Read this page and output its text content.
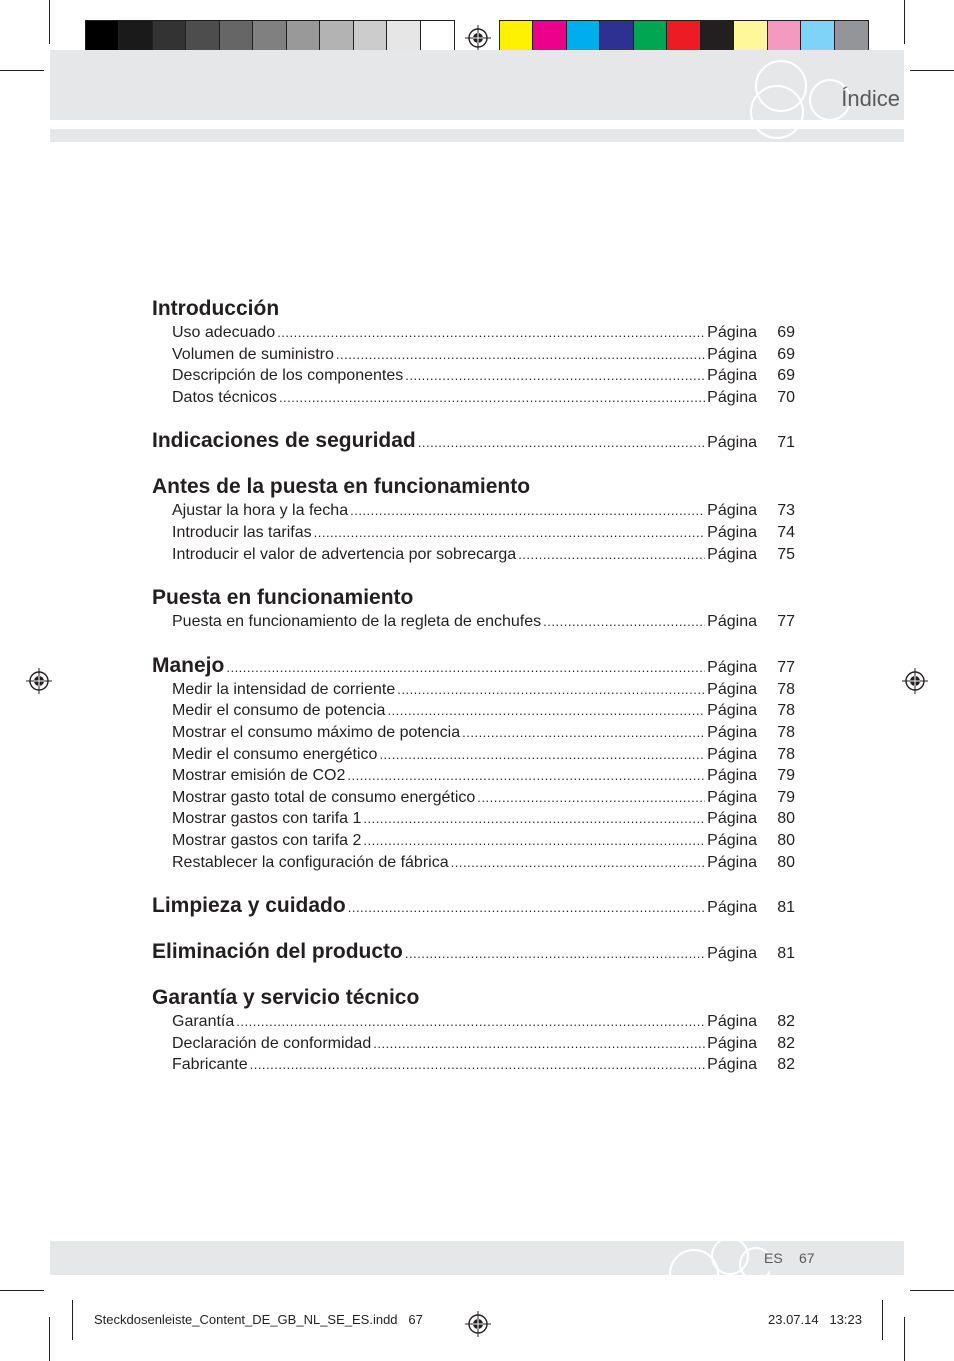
Índice
Introducción
Uso adecuado .....	Página	69
Volumen de suministro .....	Página	69
Descripción de los componentes .....	Página	69
Datos técnicos .....	Página	70
Indicaciones de seguridad .....	Página	71
Antes de la puesta en funcionamiento
Ajustar la hora y la fecha .....	Página	73
Introducir las tarifas .....	Página	74
Introducir el valor de advertencia por sobrecarga .....	Página	75
Puesta en funcionamiento
Puesta en funcionamiento de la regleta de enchufes .....	Página	77
Manejo .....	Página	77
Medir la intensidad de corriente .....	Página	78
Medir el consumo de potencia .....	Página	78
Mostrar el consumo máximo de potencia .....	Página	78
Medir el consumo energético .....	Página	78
Mostrar emisión de CO2 .....	Página	79
Mostrar gasto total de consumo energético .....	Página	79
Mostrar gastos con tarifa 1 .....	Página	80
Mostrar gastos con tarifa 2 .....	Página	80
Restablecer la configuración de fábrica .....	Página	80
Limpieza y cuidado .....	Página	81
Eliminación del producto .....	Página	81
Garantía y servicio técnico
Garantía .....	Página	82
Declaración de conformidad .....	Página	82
Fabricante .....	Página	82
ES 67
Steckdosenleiste_Content_DE_GB_NL_SE_ES.indd   67	23.07.14   13:23
